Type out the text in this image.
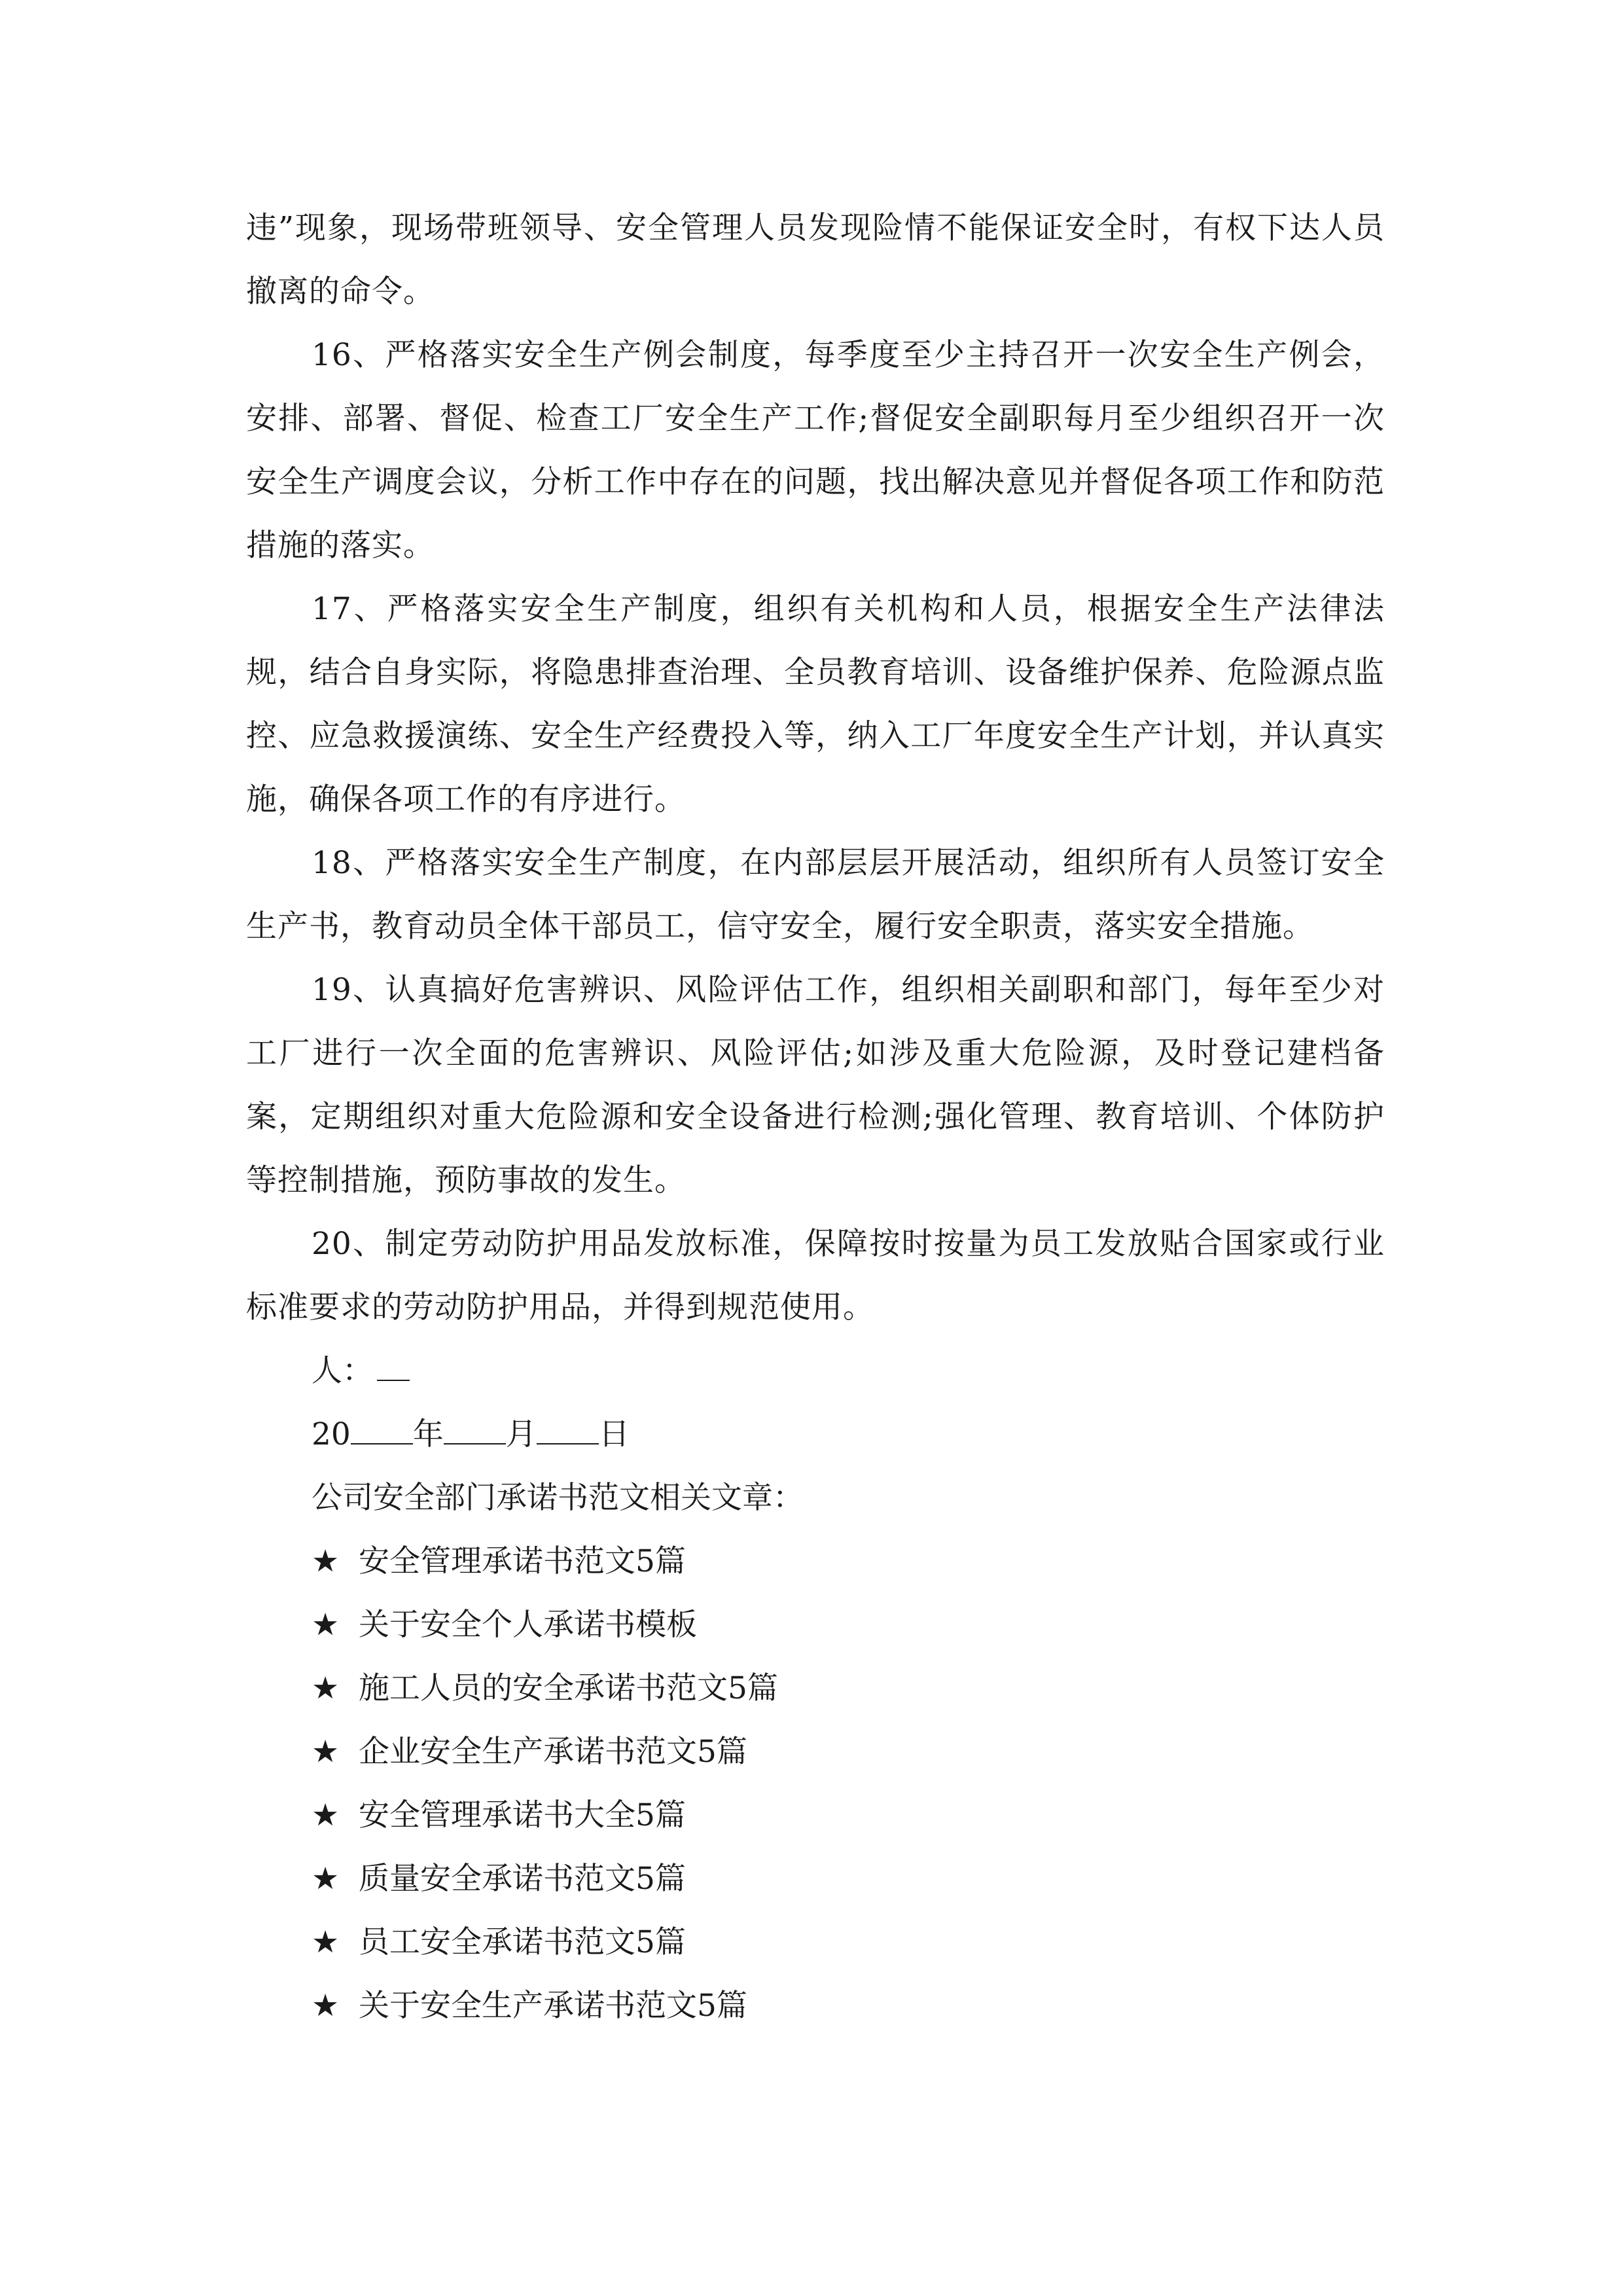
违”现象，现场带班领导、安全管理人员发现险情不能保证安全时，有权下达人员撤离的命令。

16、严格落实安全生产例会制度，每季度至少主持召开一次安全生产例会，安排、部署、督促、检查工厂安全生产工作;督促安全副职每月至少组织召开一次安全生产调度会议，分析工作中存在的问题，找出解决意见并督促各项工作和防范措施的落实。

17、严格落实安全生产制度，组织有关机构和人员，根据安全生产法律法规，结合自身实际，将隐患排查治理、全员教育培训、设备维护保养、危险源点监控、应急救援演练、安全生产经费投入等，纳入工厂年度安全生产计划，并认真实施，确保各项工作的有序进行。

18、严格落实安全生产制度，在内部层层开展活动，组织所有人员签订安全生产书，教育动员全体干部员工，信守安全，履行安全职责，落实安全措施。

19、认真搞好危害辨识、风险评估工作，组织相关副职和部门，每年至少对工厂进行一次全面的危害辨识、风险评估;如涉及重大危险源，及时登记建档备案，定期组织对重大危险源和安全设备进行检测;强化管理、教育培训、个体防护等控制措施，预防事故的发生。

20、制定劳动防护用品发放标准，保障按时按量为员工发放贴合国家或行业标准要求的劳动防护用品，并得到规范使用。

人：

20 年 月 日

公司安全部门承诺书范文相关文章：

★ 安全管理承诺书范文5篇
★ 关于安全个人承诺书模板
★ 施工人员的安全承诺书范文5篇
★ 企业安全生产承诺书范文5篇
★ 安全管理承诺书大全5篇
★ 质量安全承诺书范文5篇
★ 员工安全承诺书范文5篇
★ 关于安全生产承诺书范文5篇
